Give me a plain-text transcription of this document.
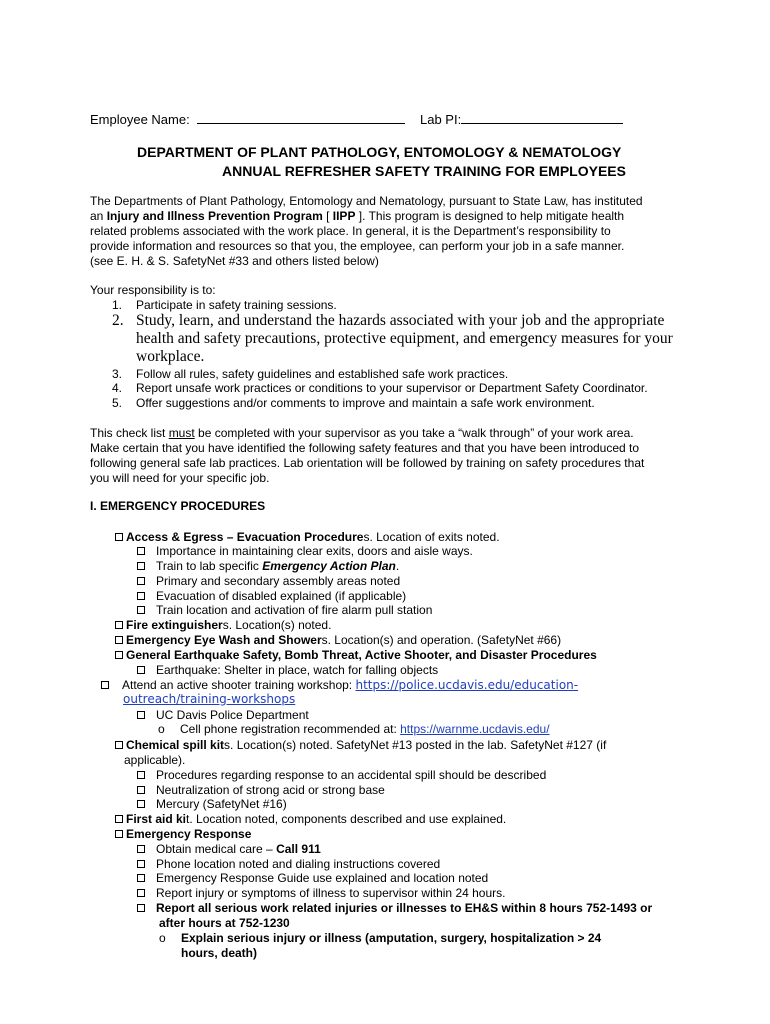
Employee Name:	Lab PI:
DEPARTMENT OF PLANT PATHOLOGY, ENTOMOLOGY & NEMATOLOGY
ANNUAL REFRESHER SAFETY TRAINING FOR EMPLOYEES
The Departments of Plant Pathology, Entomology and Nematology, pursuant to State Law, has instituted
an Injury and Illness Prevention Program [ IIPP ]. This program is designed to help mitigate health
related problems associated with the work place. In general, it is the Department’s responsibility to
provide information and resources so that you, the employee, can perform your job in a safe manner.
(see E. H. & S. SafetyNet #33 and others listed below)
Your responsibility is to:
1. Participate in safety training sessions.
2. Study, learn, and understand the hazards associated with your job and the appropriate
health and safety precautions, protective equipment, and emergency measures for your
workplace.
3. Follow all rules, safety guidelines and established safe work practices.
4. Report unsafe work practices or conditions to your supervisor or Department Safety Coordinator.
5. Offer suggestions and/or comments to improve and maintain a safe work environment.
This check list must be completed with your supervisor as you take a “walk through” of your work area.
Make certain that you have identified the following safety features and that you have been introduced to
following general safe lab practices. Lab orientation will be followed by training on safety procedures that
you will need for your specific job.
I. EMERGENCY PROCEDURES
Access & Egress – Evacuation Procedures. Location of exits noted.
Importance in maintaining clear exits, doors and aisle ways.
Train to lab specific Emergency Action Plan.
Primary and secondary assembly areas noted
Evacuation of disabled explained (if applicable)
Train location and activation of fire alarm pull station
Fire extinguishers. Location(s) noted.
Emergency Eye Wash and Showers. Location(s) and operation. (SafetyNet #66)
General Earthquake Safety, Bomb Threat, Active Shooter, and Disaster Procedures
Earthquake: Shelter in place, watch for falling objects
Attend an active shooter training workshop: https://police.ucdavis.edu/education-
outreach/training-workshops
UC Davis Police Department
o Cell phone registration recommended at: https://warnme.ucdavis.edu/
Chemical spill kits. Location(s) noted. SafetyNet #13 posted in the lab. SafetyNet #127 (if
applicable).
Procedures regarding response to an accidental spill should be described
Neutralization of strong acid or strong base
Mercury (SafetyNet #16)
First aid kit. Location noted, components described and use explained.
Emergency Response
Obtain medical care – Call 911
Phone location noted and dialing instructions covered
Emergency Response Guide use explained and location noted
Report injury or symptoms of illness to supervisor within 24 hours.
Report all serious work related injuries or illnesses to EH&S within 8 hours 752-1493 or
after hours at 752-1230
o Explain serious injury or illness (amputation, surgery, hospitalization > 24
hours, death)
